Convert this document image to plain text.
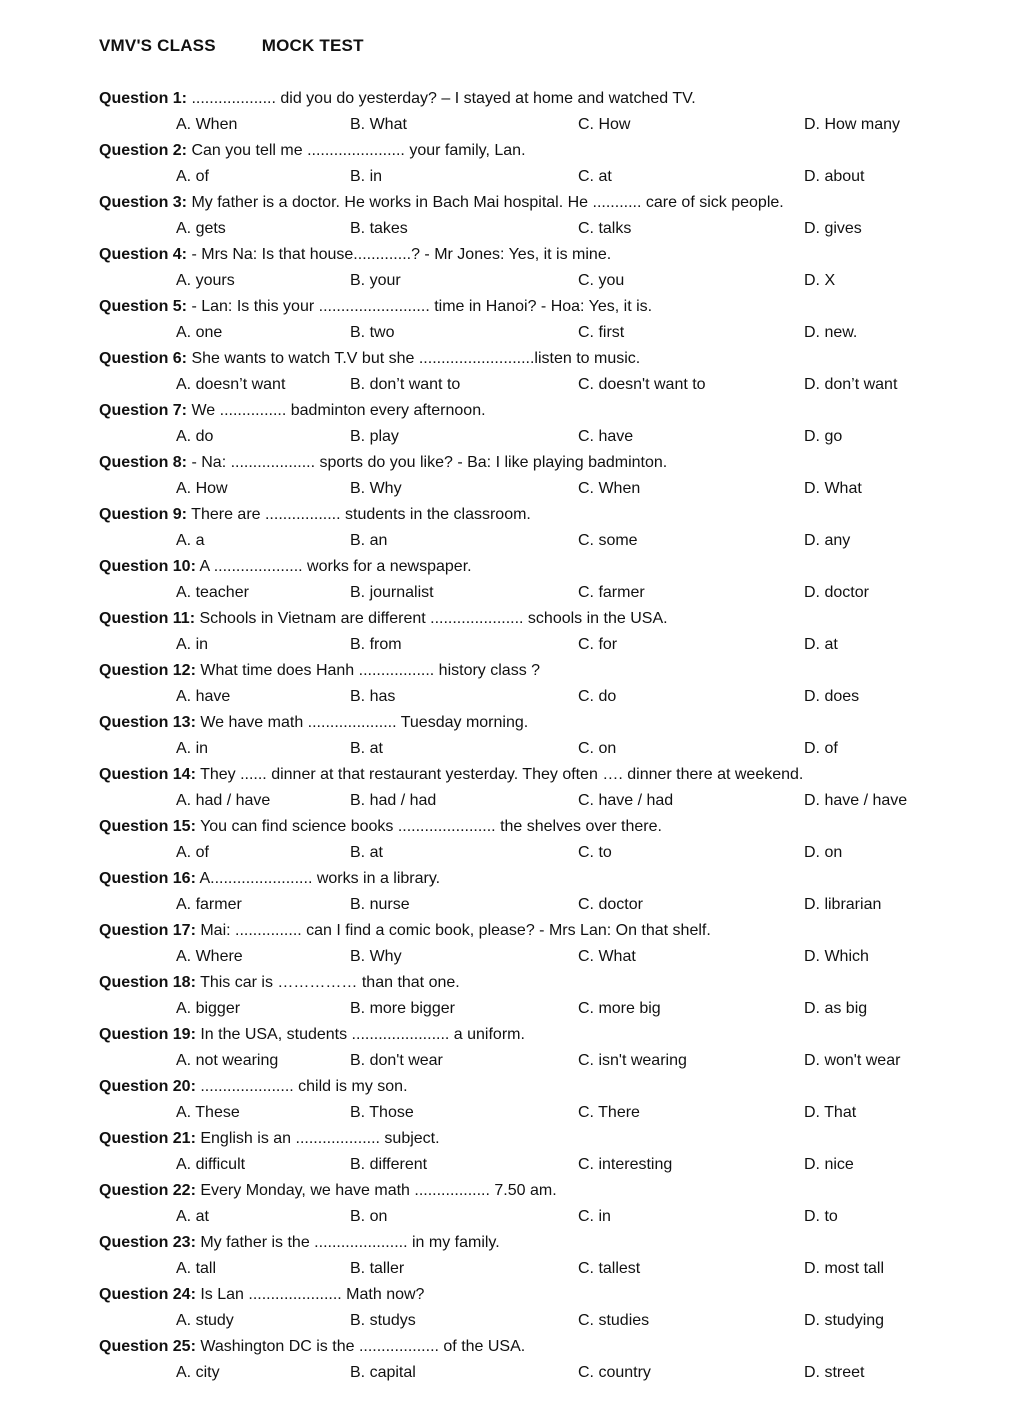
VMV'S CLASS	MOCK TEST
Question 1: ................... did you do yesterday? – I stayed at home and watched TV.
A. When	B. What	C. How	D. How many
Question 2: Can you tell me ...................... your family, Lan.
A. of	B. in	C. at	D. about
Question 3: My father is a doctor. He works in Bach Mai hospital. He ........... care of sick people.
A. gets	B. takes	C. talks	D. gives
Question 4: - Mrs Na: Is that house.............? - Mr Jones: Yes, it is mine.
A. yours	B. your	C. you	D. X
Question 5: - Lan: Is this your ......................... time in Hanoi? - Hoa: Yes, it is.
A. one	B. two	C. first	D. new.
Question 6: She wants to watch T.V but she ..........................listen to music.
A. doesn’t want	B. don’t want to	C. doesn't want to	D. don’t want
Question 7: We ............... badminton every afternoon.
A. do	B. play	C. have	D. go
Question 8: - Na: ................... sports do you like? - Ba: I like playing badminton.
A. How	B. Why	C. When	D. What
Question 9: There are ................. students in the classroom.
A. a	B. an	C. some	D. any
Question 10: A .................... works for a newspaper.
A. teacher	B. journalist	C. farmer	D. doctor
Question 11: Schools in Vietnam are different ..................... schools in the USA.
A. in	B. from	C. for	D. at
Question 12: What time does Hanh ................. history class ?
A. have	B. has	C. do	D. does
Question 13: We have math .................... Tuesday morning.
A. in	B. at	C. on	D. of
Question 14: They ...... dinner at that restaurant yesterday. They often …. dinner there at weekend.
A. had / have	B. had / had	C. have / had	D. have / have
Question 15: You can find science books ...................... the shelves over there.
A. of	B. at	C. to	D. on
Question 16: A....................... works in a library.
A. farmer	B. nurse	C. doctor	D. librarian
Question 17: Mai: ............... can I find a comic book, please? - Mrs Lan: On that shelf.
A. Where	B. Why	C. What	D. Which
Question 18: This car is …………… than that one.
A. bigger	B. more bigger	C. more big	D. as big
Question 19: In the USA, students ...................... a uniform.
A. not wearing	B. don't wear	C. isn't wearing	D. won't wear
Question 20: ..................... child is my son.
A. These	B. Those	C. There	D. That
Question 21: English is an ................... subject.
A. difficult	B. different	C. interesting	D. nice
Question 22: Every Monday, we have math ................. 7.50 am.
A. at	B. on	C. in	D. to
Question 23: My father is the ..................... in my family.
A. tall	B. taller	C. tallest	D. most tall
Question 24: Is Lan ..................... Math now?
A. study	B. studys	C. studies	D. studying
Question 25: Washington DC is the .................. of the USA.
A. city	B. capital	C. country	D. street
